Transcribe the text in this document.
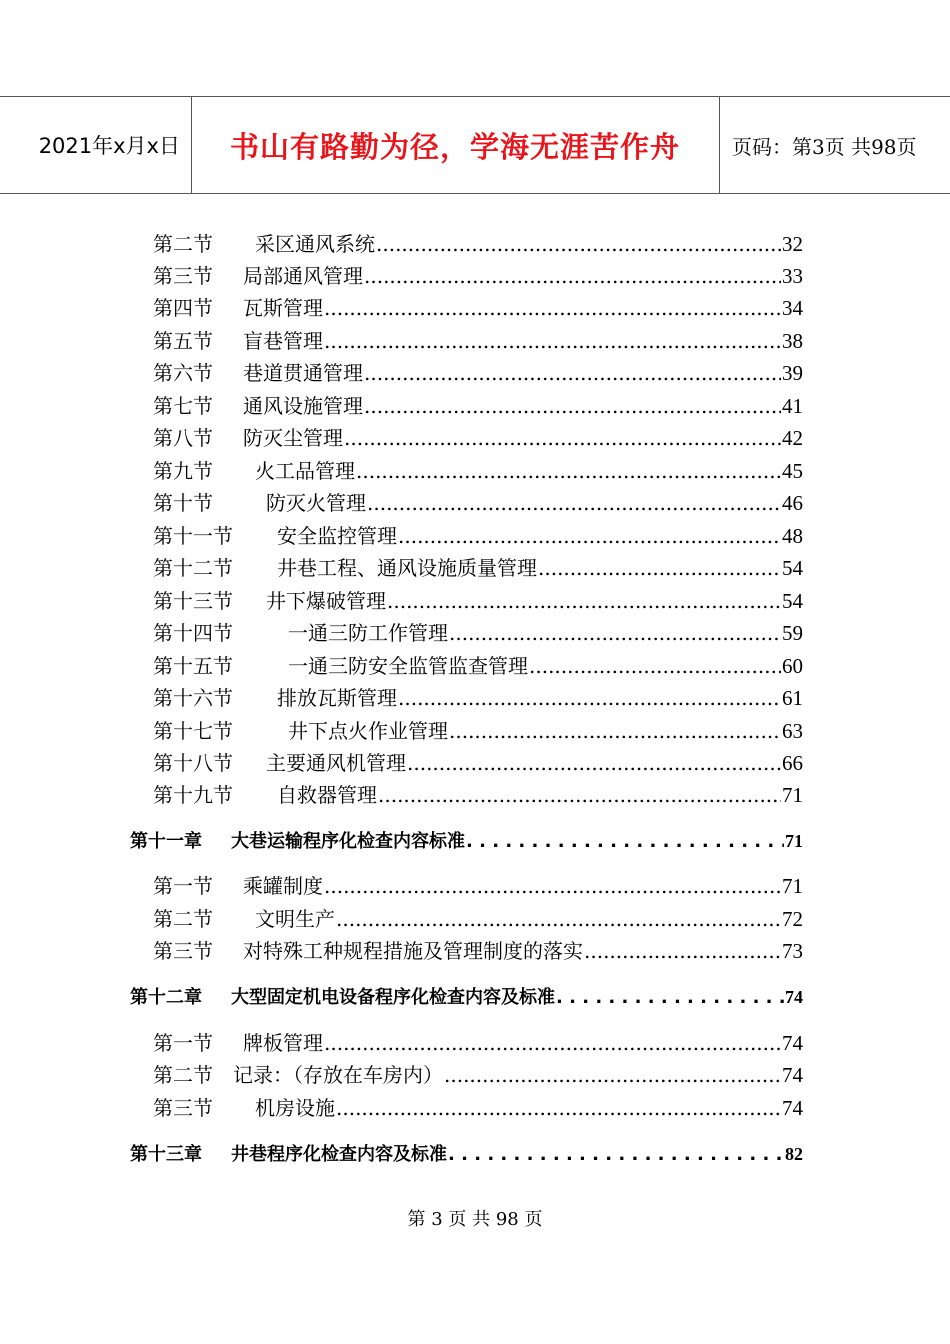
2021年x月x日	书山有路勤为径，学海无涯苦作舟	页码：第3页 共98页
第二节	采区通风系统 .....	32
第三节	局部通风管理 .....	33
第四节	瓦斯管理 .....	34
第五节	盲巷管理 .....	38
第六节	巷道贯通管理 .....	39
第七节	通风设施管理 .....	41
第八节	防灭尘管理 .....	42
第九节	火工品管理 .....	45
第十节	防灭火管理 .....	46
第十一节	安全监控管理 .....	48
第十二节	井巷工程、通风设施质量管理 .....	54
第十三节	井下爆破管理 .....	54
第十四节	一通三防工作管理 .....	59
第十五节	一通三防安全监管监查管理 .....	60
第十六节	排放瓦斯管理 .....	61
第十七节	井下点火作业管理 .....	63
第十八节	主要通风机管理 .....	66
第十九节	自救器管理 .....	71
第十一章	大巷运输程序化检查内容标准 . . .	71
第一节	乘罐制度 .....	71
第二节	文明生产 .....	72
第三节	对特殊工种规程措施及管理制度的落实 .....	73
第十二章	大型固定机电设备程序化检查内容及标准 . . .	74
第一节	牌板管理 .....	74
第二节	记录：（存放在车房内） .....	74
第三节	机房设施 .....	74
第十三章	井巷程序化检查内容及标准 . . .	82
第 3 页 共 98 页
